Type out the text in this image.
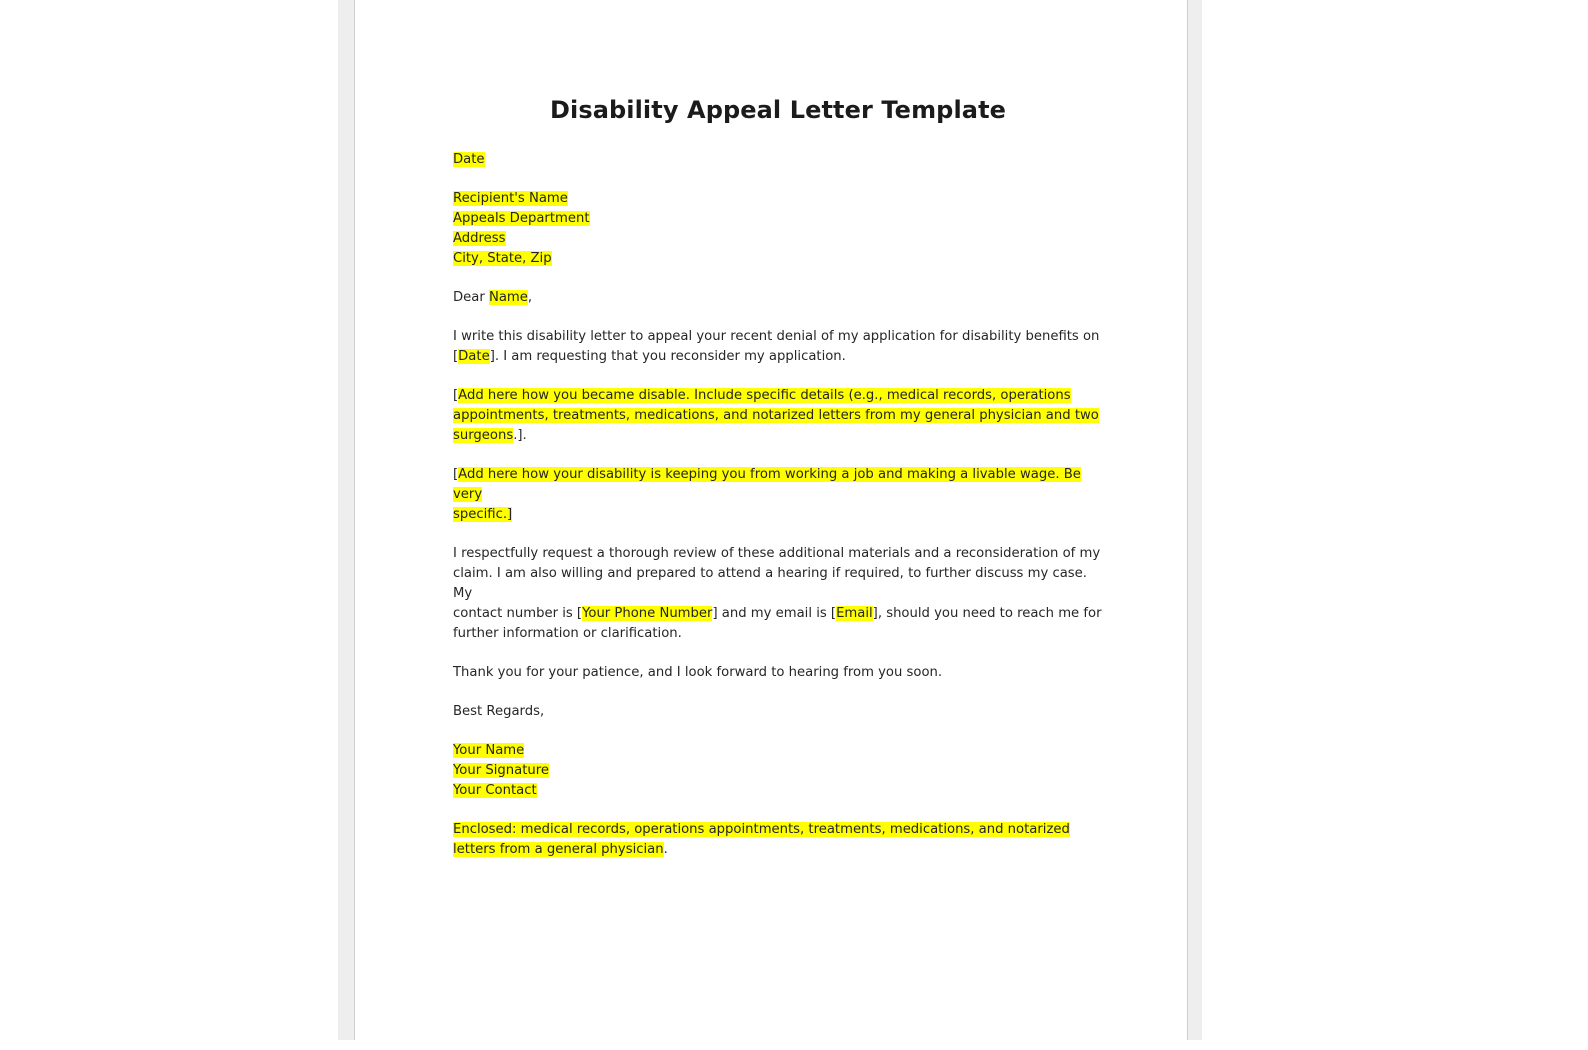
Disability Appeal Letter Template

Date

Recipient's Name
Appeals Department
Address
City, State, Zip

Dear Name,

I write this disability letter to appeal your recent denial of my application for disability benefits on
[Date]. I am requesting that you reconsider my application.

[Add here how you became disable. Include specific details (e.g., medical records, operations
appointments, treatments, medications, and notarized letters from my general physician and two
surgeons.].

[Add here how your disability is keeping you from working a job and making a livable wage. Be very
specific.]

I respectfully request a thorough review of these additional materials and a reconsideration of my
claim. I am also willing and prepared to attend a hearing if required, to further discuss my case. My
contact number is [Your Phone Number] and my email is [Email], should you need to reach me for
further information or clarification.

Thank you for your patience, and I look forward to hearing from you soon.

Best Regards,

Your Name
Your Signature
Your Contact

Enclosed: medical records, operations appointments, treatments, medications, and notarized
letters from a general physician.
